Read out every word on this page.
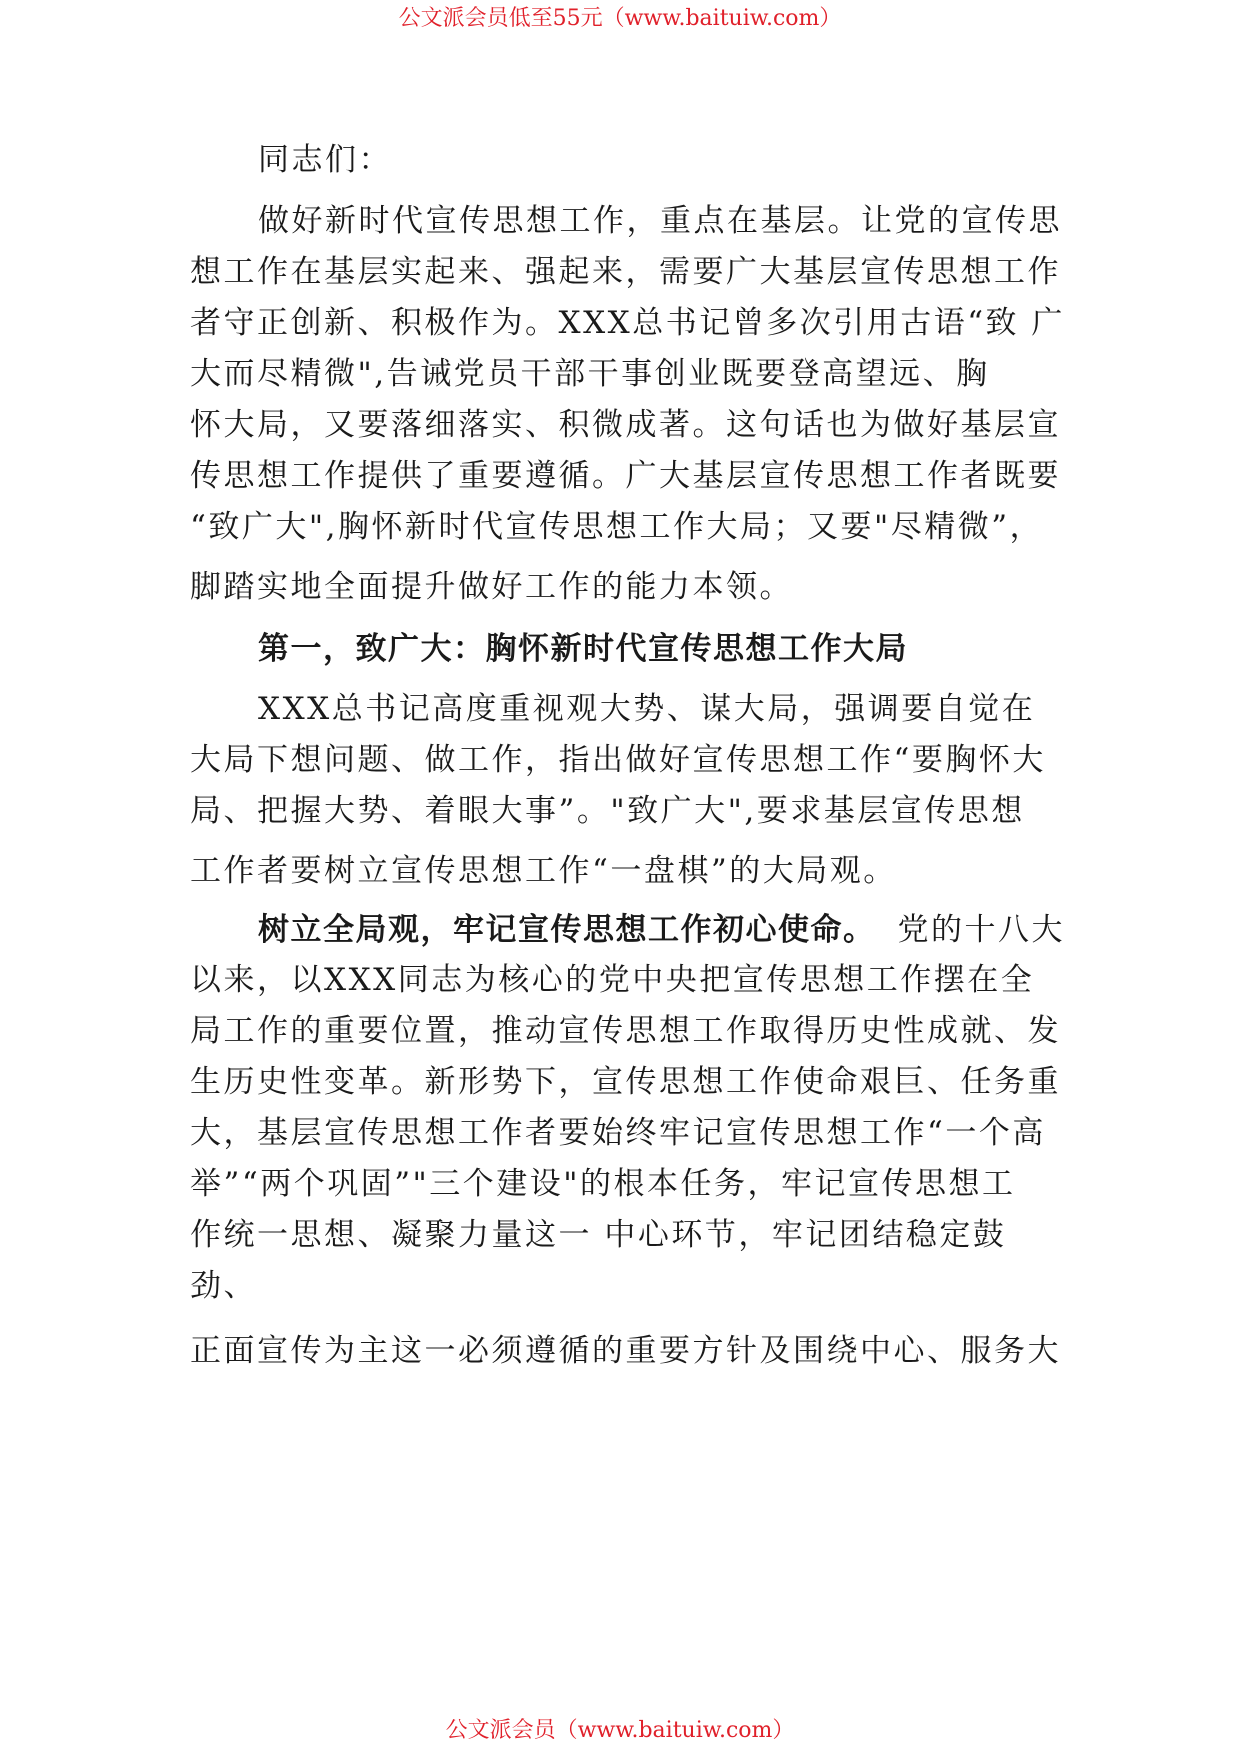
公文派会员低至55元（www.baituiw.com）
同志们：
做好新时代宣传思想工作，重点在基层。让党的宣传思
想工作在基层实起来、强起来，需要广大基层宣传思想工作
者守正创新、积极作为。XXX总书记曾多次引用古语“致 广
大而尽精微",告诫党员干部干事创业既要登高望远、胸
怀大局，又要落细落实、积微成著。这句话也为做好基层宣
传思想工作提供了重要遵循。广大基层宣传思想工作者既要
“致广大",胸怀新时代宣传思想工作大局；又要"尽精微”，
脚踏实地全面提升做好工作的能力本领。
第一，致广大：胸怀新时代宣传思想工作大局
XXX总书记高度重视观大势、谋大局，强调要自觉在
大局下想问题、做工作，指出做好宣传思想工作“要胸怀大
局、把握大势、着眼大事”。"致广大",要求基层宣传思想
工作者要树立宣传思想工作“一盘棋”的大局观。
树立全局观，牢记宣传思想工作初心使命。 党的十八大
以来，以XXX同志为核心的党中央把宣传思想工作摆在全
局工作的重要位置，推动宣传思想工作取得历史性成就、发
生历史性变革。新形势下，宣传思想工作使命艰巨、任务重
大，基层宣传思想工作者要始终牢记宣传思想工作“一个高
举”“两个巩固”"三个建设"的根本任务，牢记宣传思想工
作统一思想、凝聚力量这一 中心环节，牢记团结稳定鼓
劲、
正面宣传为主这一必须遵循的重要方针及围绕中心、服务大
公文派会员（www.baituiw.com）
